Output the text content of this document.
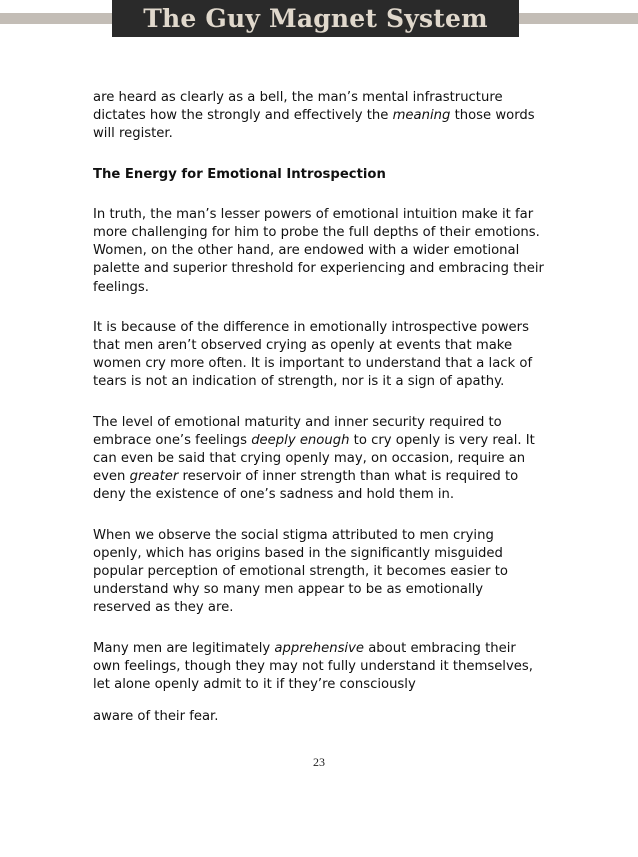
The Guy Magnet System

are heard as clearly as a bell, the man’s mental infrastructure dictates how the strongly and effectively the meaning those words will register.

The Energy for Emotional Introspection

In truth, the man’s lesser powers of emotional intuition make it far more challenging for him to probe the full depths of their emotions. Women, on the other hand, are endowed with a wider emotional palette and superior threshold for experiencing and embracing their feelings.

It is because of the difference in emotionally introspective powers that men aren’t observed crying as openly at events that make women cry more often. It is important to understand that a lack of tears is not an indication of strength, nor is it a sign of apathy.

The level of emotional maturity and inner security required to embrace one’s feelings deeply enough to cry openly is very real. It can even be said that crying openly may, on occasion, require an even greater reservoir of inner strength than what is required to deny the existence of one’s sadness and hold them in.

When we observe the social stigma attributed to men crying openly, which has origins based in the significantly misguided popular perception of emotional strength, it becomes easier to understand why so many men appear to be as emotionally reserved as they are.

Many men are legitimately apprehensive about embracing their own feelings, though they may not fully understand it themselves, let alone openly admit to it if they’re consciously

aware of their fear.

23
